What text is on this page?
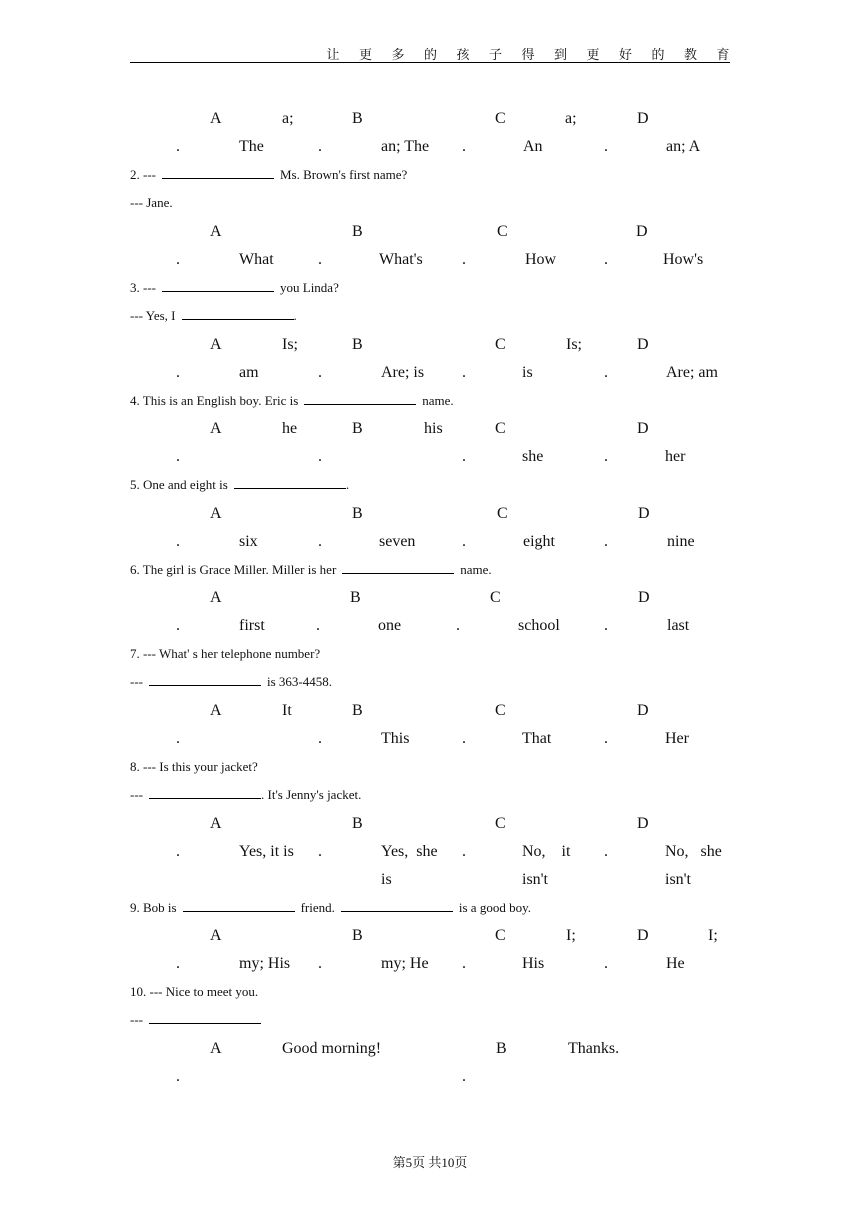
让更多的孩子得到更好的教育
A	a;	B	C	a;	D
.	The	.	an; The .	An	.	an; A
2. ---	Ms. Brown's first name?
--- Jane.
A	B	C	D
.	What	.	What's .	How	.	How's
3. ---	you Linda?
--- Yes, I	.
A	Is;	B	C	Is;	D
.	am	.	Are; is .	is	.	Are; am
4. This is an English boy. Eric is	name.
A	he	B	his	C	D
.	.	.	she	.	her
5. One and eight is	.
A	B	C	D
.	six	.	seven	.	eight	.	nine
6. The girl is Grace Miller. Miller is her	name.
A	B	C	D
.	first	.	one	.	school	.	last
7. --- What' s her telephone number?
---	is 363-4458.
A	It	B	C	D
.	.	This	.	That	.	Her
8. --- Is this your jacket?
---	. It's Jenny's jacket.
A	B	C	D
.	Yes, it is .	Yes,  she .	No,    it .	No,   she
is	isn't	isn't
9. Bob is	friend.	is a good boy.
A	B	C	I;	D	I;
.	my; His .	my; He .	His	.	He
10. --- Nice to meet you.
---
A	Good morning!	B	Thanks.
.	.
第5页 共10页
